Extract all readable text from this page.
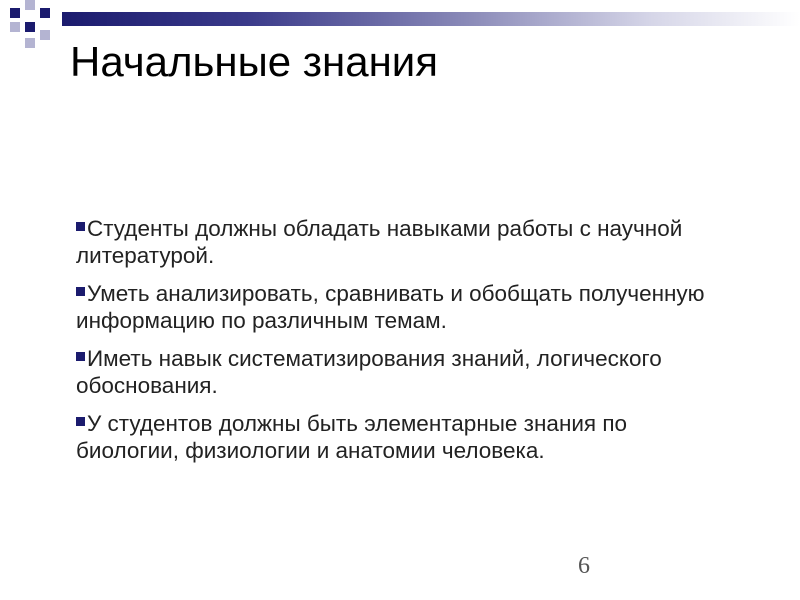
Начальные знания
Студенты должны обладать навыками работы с научной литературой.
Уметь анализировать, сравнивать и обобщать полученную информацию по различным темам.
Иметь навык систематизирования знаний, логического обоснования.
У студентов должны быть элементарные знания по биологии, физиологии и анатомии человека.
6
